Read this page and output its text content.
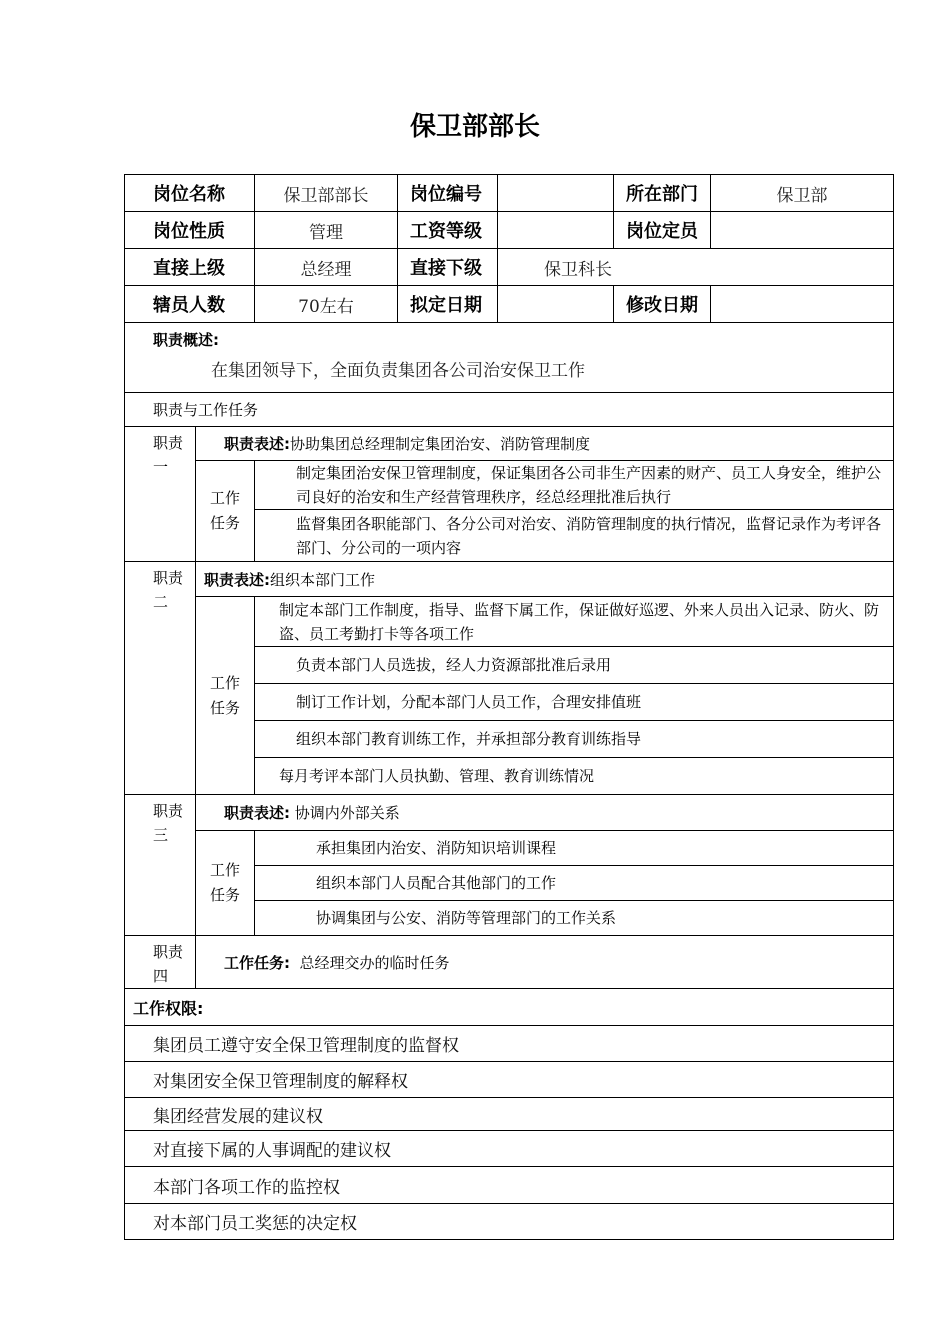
保卫部部长
岗位名称		保卫部部长	岗位编号		所在部门	保卫部
岗位性质		管理	工资等级		岗位定员	
直接上级		总经理	直接下级	保卫科长		
辖员人数		70左右	拟定日期		修改日期	

职责概述:
在集团领导下，全面负责集团各公司治安保卫工作						

职责与工作任务						

职责
一	职责表述:协助集团总经理制定集团治安、消防管理制度					

	工作
任务	制定集团治安保卫管理制度，保证集团各公司非生产因素的财产、员工人身安全，维护公司良好的治安和生产经营管理秩序，经总经理批准后执行				
		监督集团各职能部门、各分公司对治安、消防管理制度的执行情况，监督记录作为考评各部门、分公司的一项内容				

职责
二	职责表述:组织本部门工作					

	工作
任务	制定本部门工作制度，指导、监督下属工作，保证做好巡逻、外来人员出入记录、防火、防盗、员工考勤打卡等各项工作				
		负责本部门人员选拔，经人力资源部批准后录用				
		制订工作计划，分配本部门人员工作，合理安排值班				
		组织本部门教育训练工作，并承担部分教育训练指导				
		每月考评本部门人员执勤、管理、教育训练情况				

职责
三	职责表述: 协调内外部关系					

	工作
任务	承担集团内治安、消防知识培训课程				
		组织本部门人员配合其他部门的工作				
		协调集团与公安、消防等管理部门的工作关系				

职责
四	工作任务: 总经理交办的临时任务					
工作权限:						
集团员工遵守安全保卫管理制度的监督权						
对集团安全保卫管理制度的解释权						
集团经营发展的建议权						
对直接下属的人事调配的建议权						
本部门各项工作的监控权						
对本部门员工奖惩的决定权						
